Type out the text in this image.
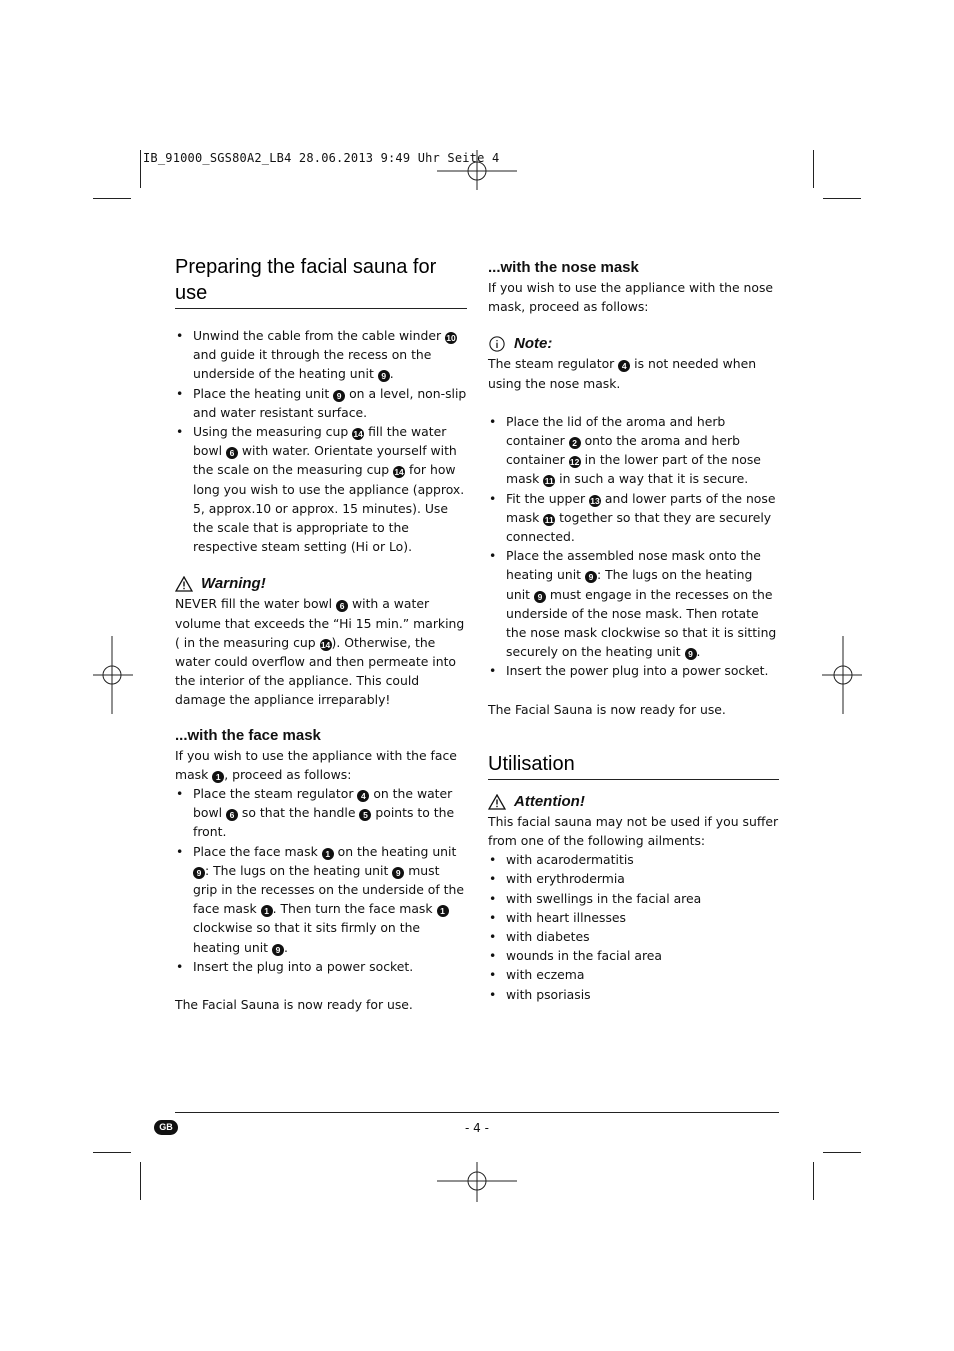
IB_91000_SGS80A2_LB4 28.06.2013 9:49 Uhr Seite 4
Preparing the facial sauna for use
• Unwind the cable from the cable winder 10 and guide it through the recess on the underside of the heating unit 9 .
• Place the heating unit 9 on a level, non-slip and water resistant surface.
• Using the measuring cup 14 fill the water bowl 6 with water. Orientate yourself with the scale on the measuring cup 14 for how long you wish to use the appliance (approx. 5, approx.10 or approx. 15 minutes). Use the scale that is appropriate to the respective steam setting (Hi or Lo).
Warning!

NEVER fill the water bowl 6 with a water volume that exceeds the “Hi 15 min.” marking ( in the measuring cup 14). Otherwise, the water could overflow and then permeate into the interior of the appliance. This could damage the appliance irreparably!

...with the face mask

If you wish to use the appliance with the face mask 1 , proceed as follows:

• Place the steam regulator 4 on the water bowl 6 so that the handle 5 points to the front.
• Place the face mask 1 on the heating unit 9 : The lugs on the heating unit 9 must grip in the recesses on the underside of the face mask 1 . Then turn the face mask 1 clockwise so that it sits firmly on the heating unit 9 .
• Insert the plug into a power socket.

The Facial Sauna is now ready for use.

...with the nose mask

If you wish to use the appliance with the nose mask, proceed as follows:

Note:

The steam regulator 4 is not needed when using the nose mask.

• Place the lid of the aroma and herb container 2 onto the aroma and herb container 12 in the lower part of the nose mask 11 in such a way that it is secure.
• Fit the upper 13 and lower parts of the nose mask 11 together so that they are securely connected.
• Place the assembled nose mask onto the heating unit 9 : The lugs on the heating unit 9 must engage in the recesses on the underside of the nose mask. Then rotate the nose mask clockwise so that it is sitting securely on the heating unit 9 .
• Insert the power plug into a power socket.

The Facial Sauna is now ready for use.

Utilisation
Attention!

This facial sauna may not be used if you suffer from one of the following ailments:

• with acarodermatitis
• with erythrodermia
• with swellings in the facial area
• with heart illnesses
• with diabetes
• wounds in the facial area
• with eczema
• with psoriasis
GB	- 4 -
